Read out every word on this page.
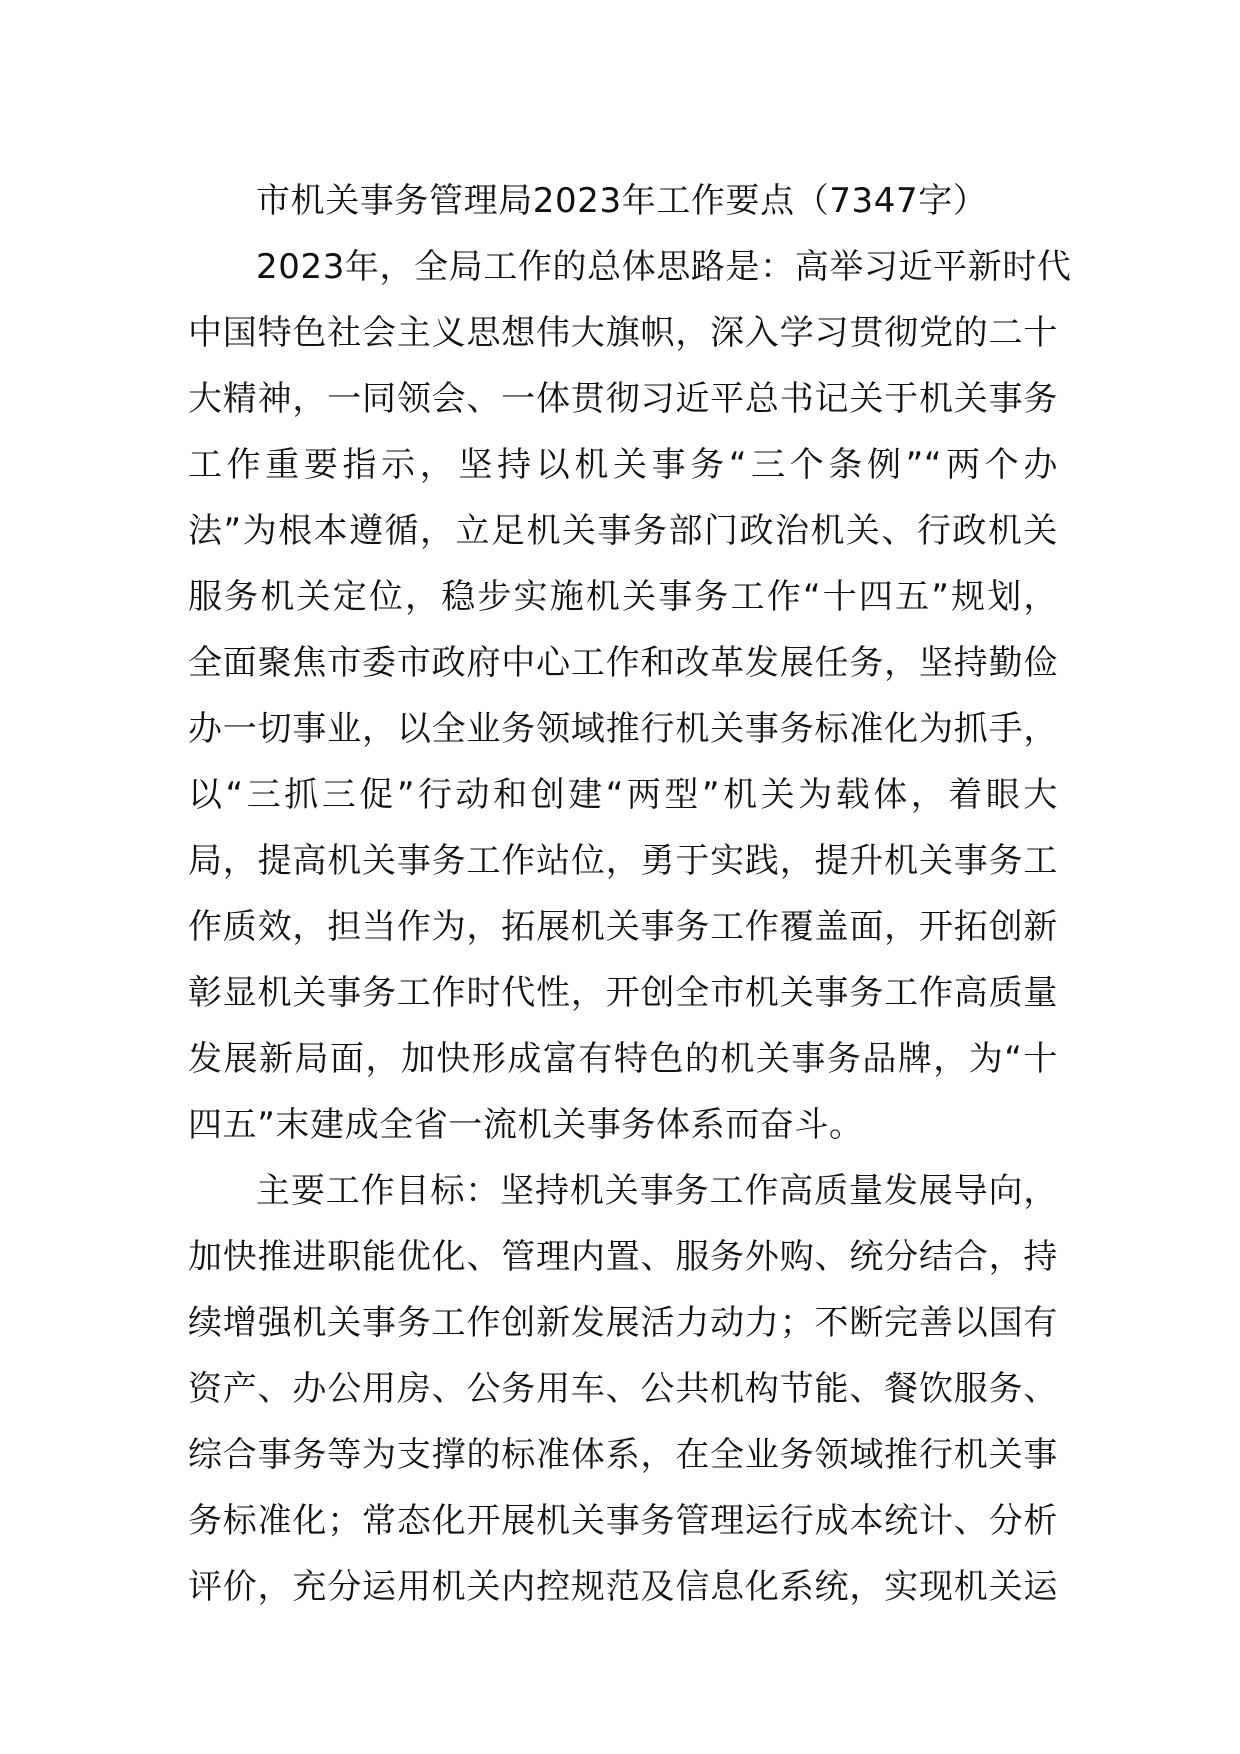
市机关事务管理局2023年工作要点（7347字）
2023年，全局工作的总体思路是：高举习近平新时代
中国特色社会主义思想伟大旗帜，深入学习贯彻党的二十
大精神，一同领会、一体贯彻习近平总书记关于机关事务
工作重要指示，坚持以机关事务“三个条例”“两个办
法”为根本遵循，立足机关事务部门政治机关、行政机关
服务机关定位，稳步实施机关事务工作“十四五”规划，
全面聚焦市委市政府中心工作和改革发展任务，坚持勤俭
办一切事业，以全业务领域推行机关事务标准化为抓手，
以“三抓三促”行动和创建“两型”机关为载体，着眼大
局，提高机关事务工作站位，勇于实践，提升机关事务工
作质效，担当作为，拓展机关事务工作覆盖面，开拓创新
彰显机关事务工作时代性，开创全市机关事务工作高质量
发展新局面，加快形成富有特色的机关事务品牌，为“十
四五”末建成全省一流机关事务体系而奋斗。
主要工作目标：坚持机关事务工作高质量发展导向，
加快推进职能优化、管理内置、服务外购、统分结合，持
续增强机关事务工作创新发展活力动力；不断完善以国有
资产、办公用房、公务用车、公共机构节能、餐饮服务、
综合事务等为支撑的标准体系，在全业务领域推行机关事
务标准化；常态化开展机关事务管理运行成本统计、分析
评价，充分运用机关内控规范及信息化系统，实现机关运
